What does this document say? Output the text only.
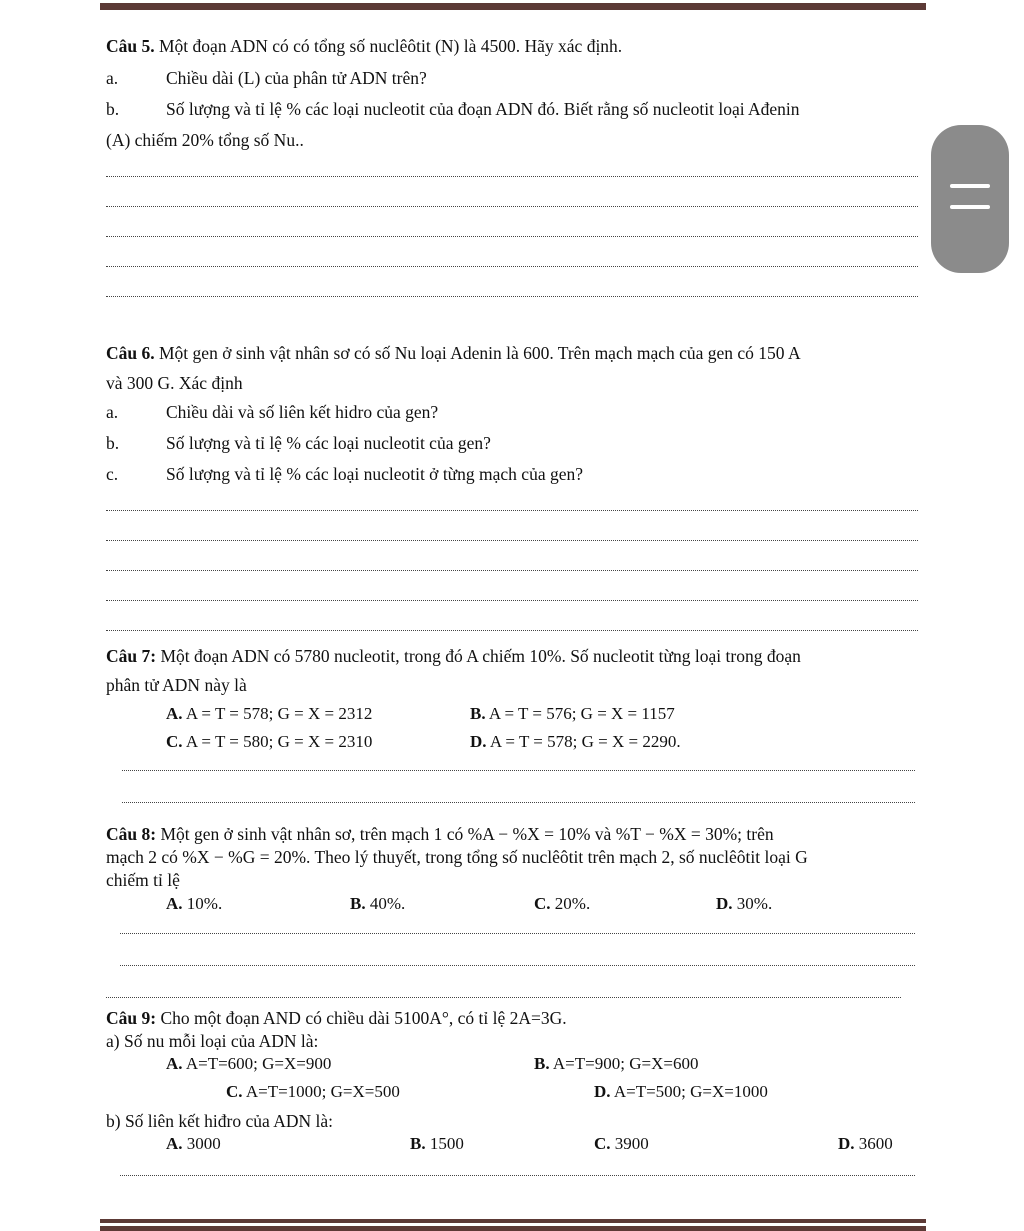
Câu 5. Một đoạn ADN có có tổng số nuclêôtit (N) là 4500. Hãy xác định.
a.	Chiều dài (L) của phân tử ADN trên?
b.	Số lượng và tỉ lệ % các loại nucleotit của đoạn ADN đó. Biết rằng số nucleotit loại Ađenin
(A) chiếm 20% tổng số Nu..
Câu 6. Một gen ở sinh vật nhân sơ có số Nu loại Adenin là 600. Trên mạch mạch của gen có 150 A
và 300 G. Xác định
a.	Chiều dài và số liên kết hidro của gen?
b.	Số lượng và tỉ lệ % các loại nucleotit của gen?
c.	Số lượng và tỉ lệ % các loại nucleotit ở từng mạch của gen?
Câu 7: Một đoạn ADN có 5780 nucleotit, trong đó A chiếm 10%. Số nucleotit từng loại trong đoạn
phân tử ADN này là
A. A = T = 578; G = X = 2312	B. A = T = 576; G = X = 1157
C. A = T = 580; G = X = 2310	D. A = T = 578; G = X = 2290.
Câu 8: Một gen ở sinh vật nhân sơ, trên mạch 1 có %A − %X = 10% và %T − %X = 30%; trên
mạch 2 có %X − %G = 20%. Theo lý thuyết, trong tổng số nuclêôtit trên mạch 2, số nuclêôtit loại G
chiếm tỉ lệ
A. 10%.	B. 40%.	C. 20%.	D. 30%.
Câu 9: Cho một đoạn AND có chiều dài 5100A°, có tỉ lệ 2A=3G.
a) Số nu mỗi loại của ADN là:
A. A=T=600; G=X=900	B. A=T=900; G=X=600
C. A=T=1000; G=X=500	D. A=T=500; G=X=1000
b) Số liên kết hiđro của ADN là:
A. 3000	B. 1500	C. 3900	D. 3600
